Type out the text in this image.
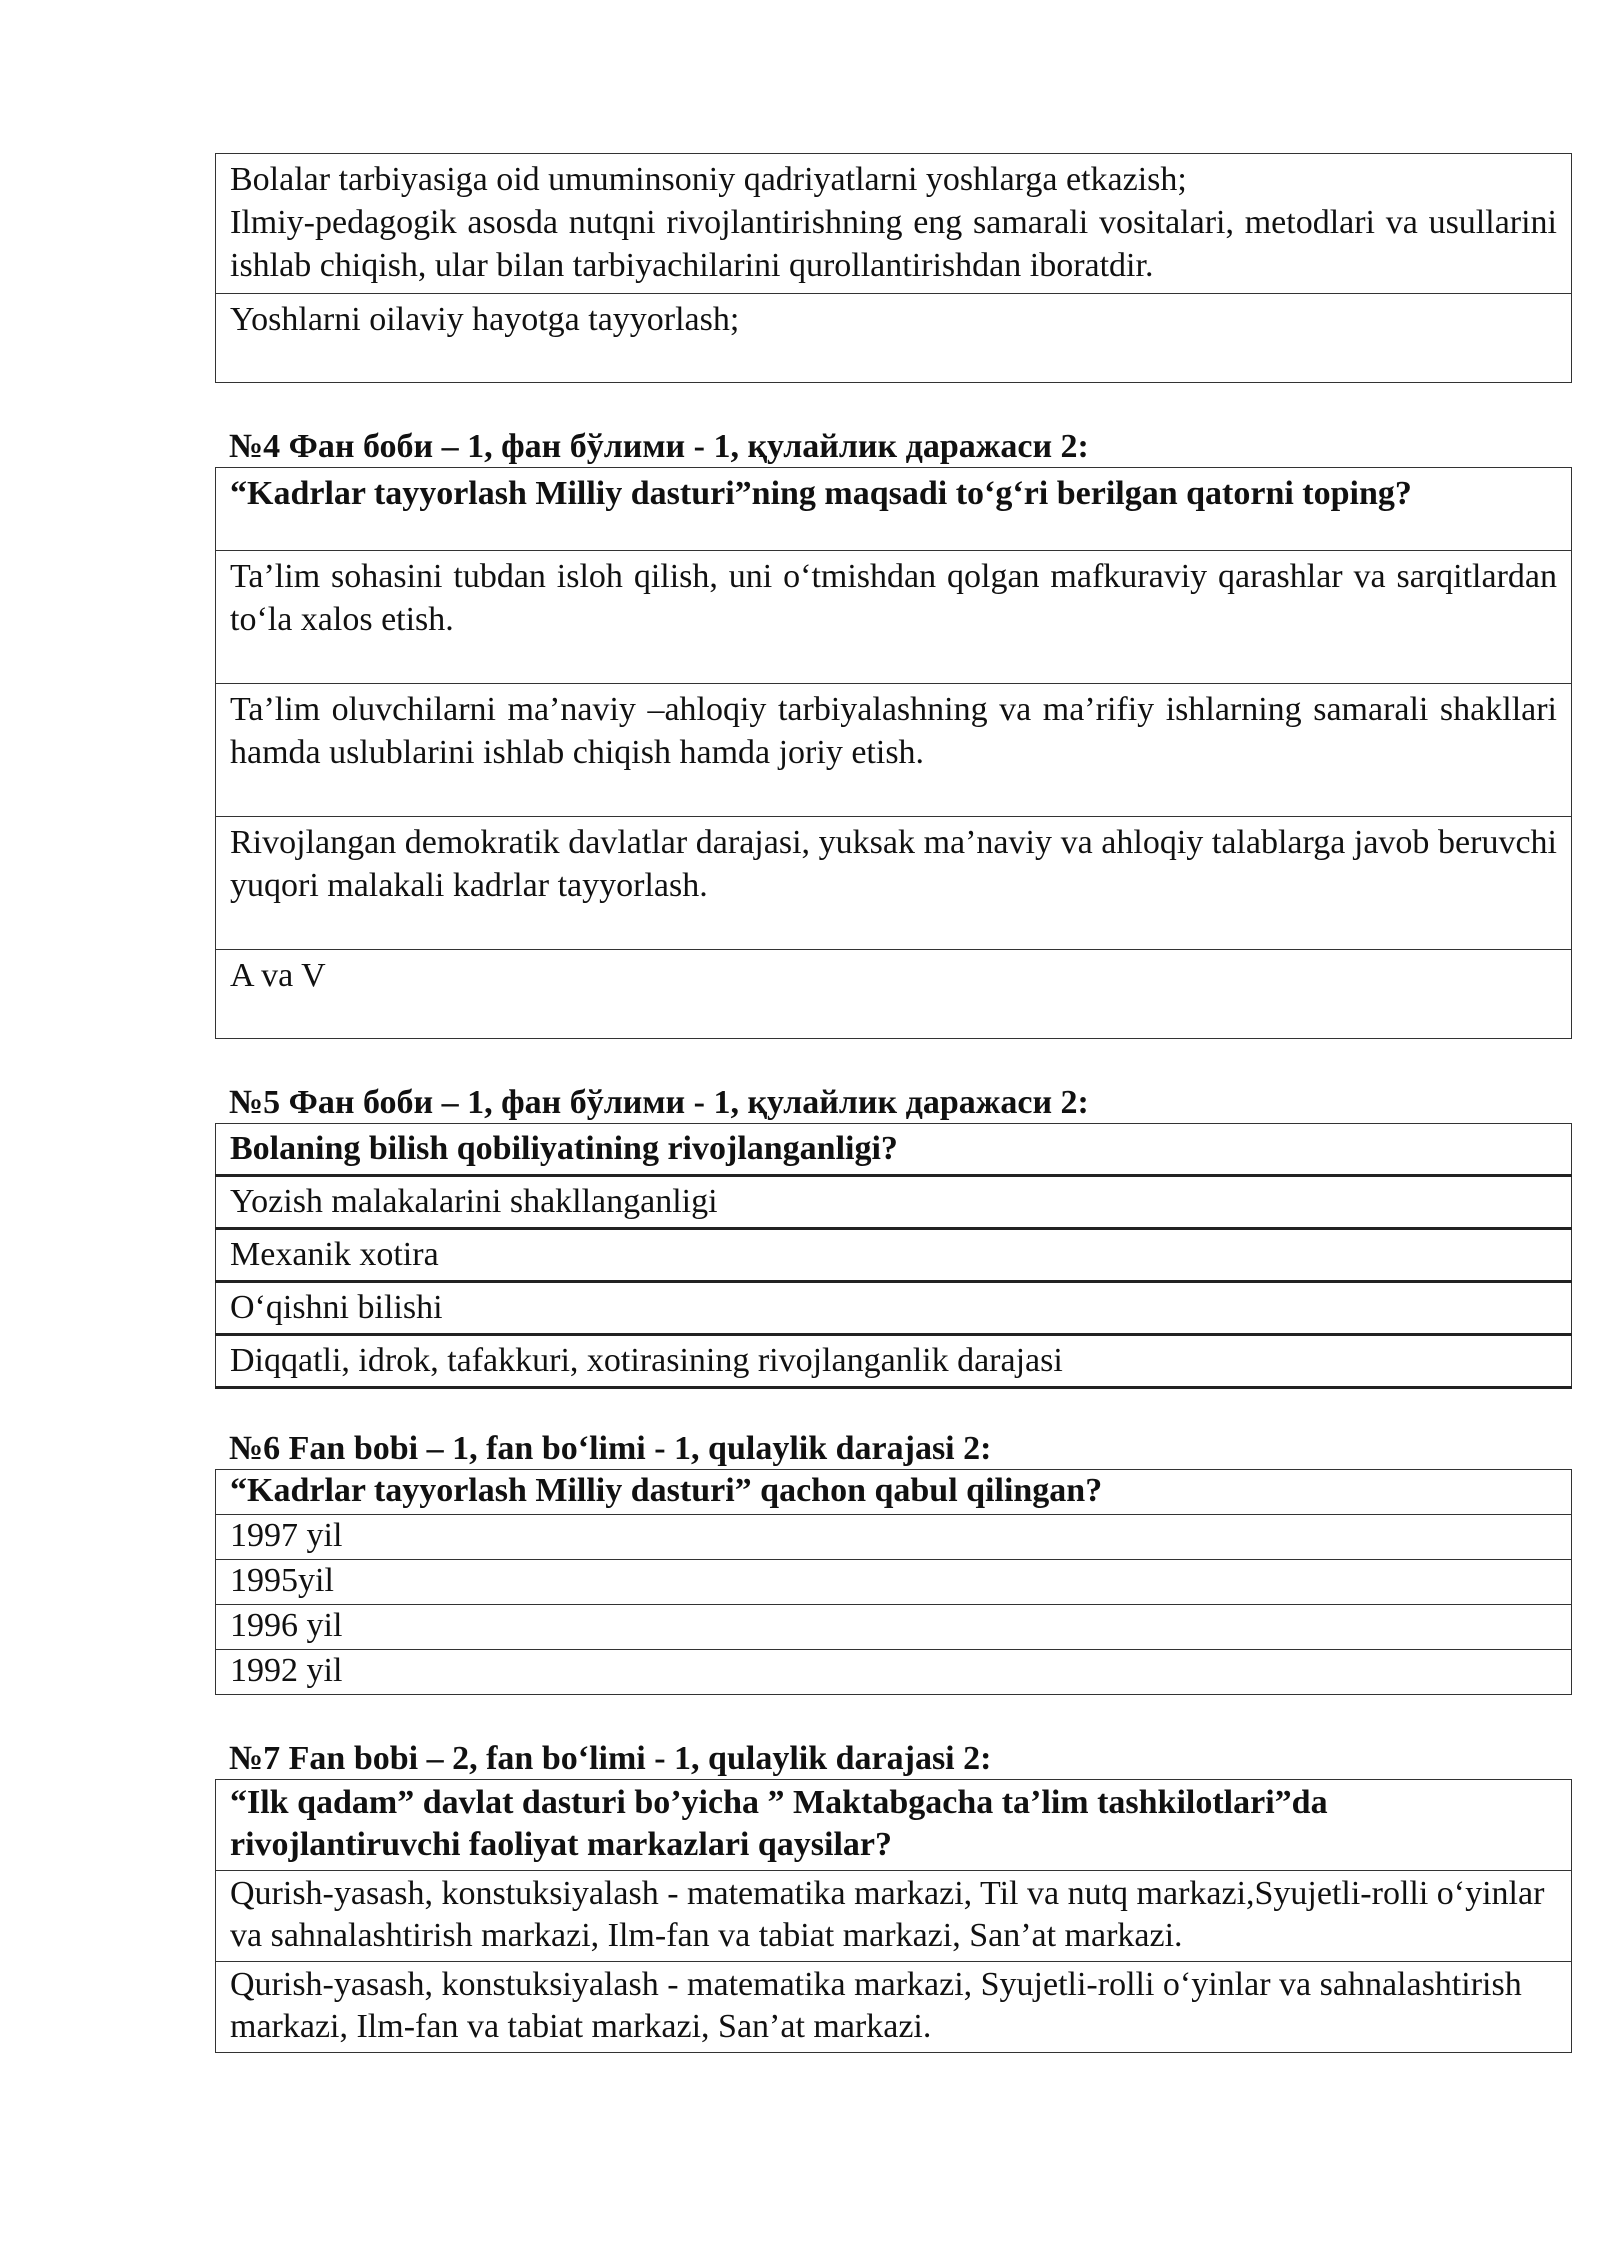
Bolalar tarbiyasiga oid umuminsoniy qadriyatlarni yoshlarga etkazish;
Ilmiy-pedagogik asosda nutqni rivojlantirishning eng samarali vositalari, metodlari va usullarini ishlab chiqish, ular bilan tarbiyachilarini qurollantirishdan iboratdir.
Yoshlarni oilaviy hayotga tayyorlash;

№4 Фан боби – 1, фан бўлими - 1, қулайлик даражаси 2:

“Kadrlar tayyorlash Milliy dasturi”ning maqsadi to‘g‘ri berilgan qatorni toping?
Ta’lim sohasini tubdan isloh qilish, uni o‘tmishdan qolgan mafkuraviy qarashlar va sarqitlardan to‘la xalos etish.
Ta’lim oluvchilarni ma’naviy –ahloqiy tarbiyalashning va ma’rifiy ishlarning samarali shakllari hamda uslublarini ishlab chiqish hamda joriy etish.
Rivojlangan demokratik davlatlar darajasi, yuksak ma’naviy va ahloqiy talablarga javob beruvchi yuqori malakali kadrlar tayyorlash.
A va V

№5 Фан боби – 1, фан бўлими - 1, қулайлик даражаси 2:

Bolaning bilish qobiliyatining rivojlanganligi?
Yozish malakalarini shakllanganligi
Mexanik xotira
O‘qishni bilishi
Diqqatli, idrok, tafakkuri, xotirasining rivojlanganlik darajasi

№6 Fan bobi – 1, fan bo‘limi - 1, qulaylik darajasi 2:

“Kadrlar tayyorlash Milliy dasturi” qachon qabul qilingan?
1997 yil
1995yil
1996 yil
1992 yil

№7 Fan bobi – 2, fan bo‘limi - 1, qulaylik darajasi 2:

“Ilk qadam” davlat dasturi bo’yicha ” Maktabgacha ta’lim tashkilotlari”da rivojlantiruvchi faoliyat markazlari qaysilar?
Qurish-yasash, konstuksiyalash - matematika markazi, Til va nutq markazi,Syujetli-rolli o‘yinlar va sahnalashtirish markazi, Ilm-fan va tabiat markazi, San’at markazi.
Qurish-yasash, konstuksiyalash - matematika markazi, Syujetli-rolli o‘yinlar va sahnalashtirish markazi, Ilm-fan va tabiat markazi, San’at markazi.
